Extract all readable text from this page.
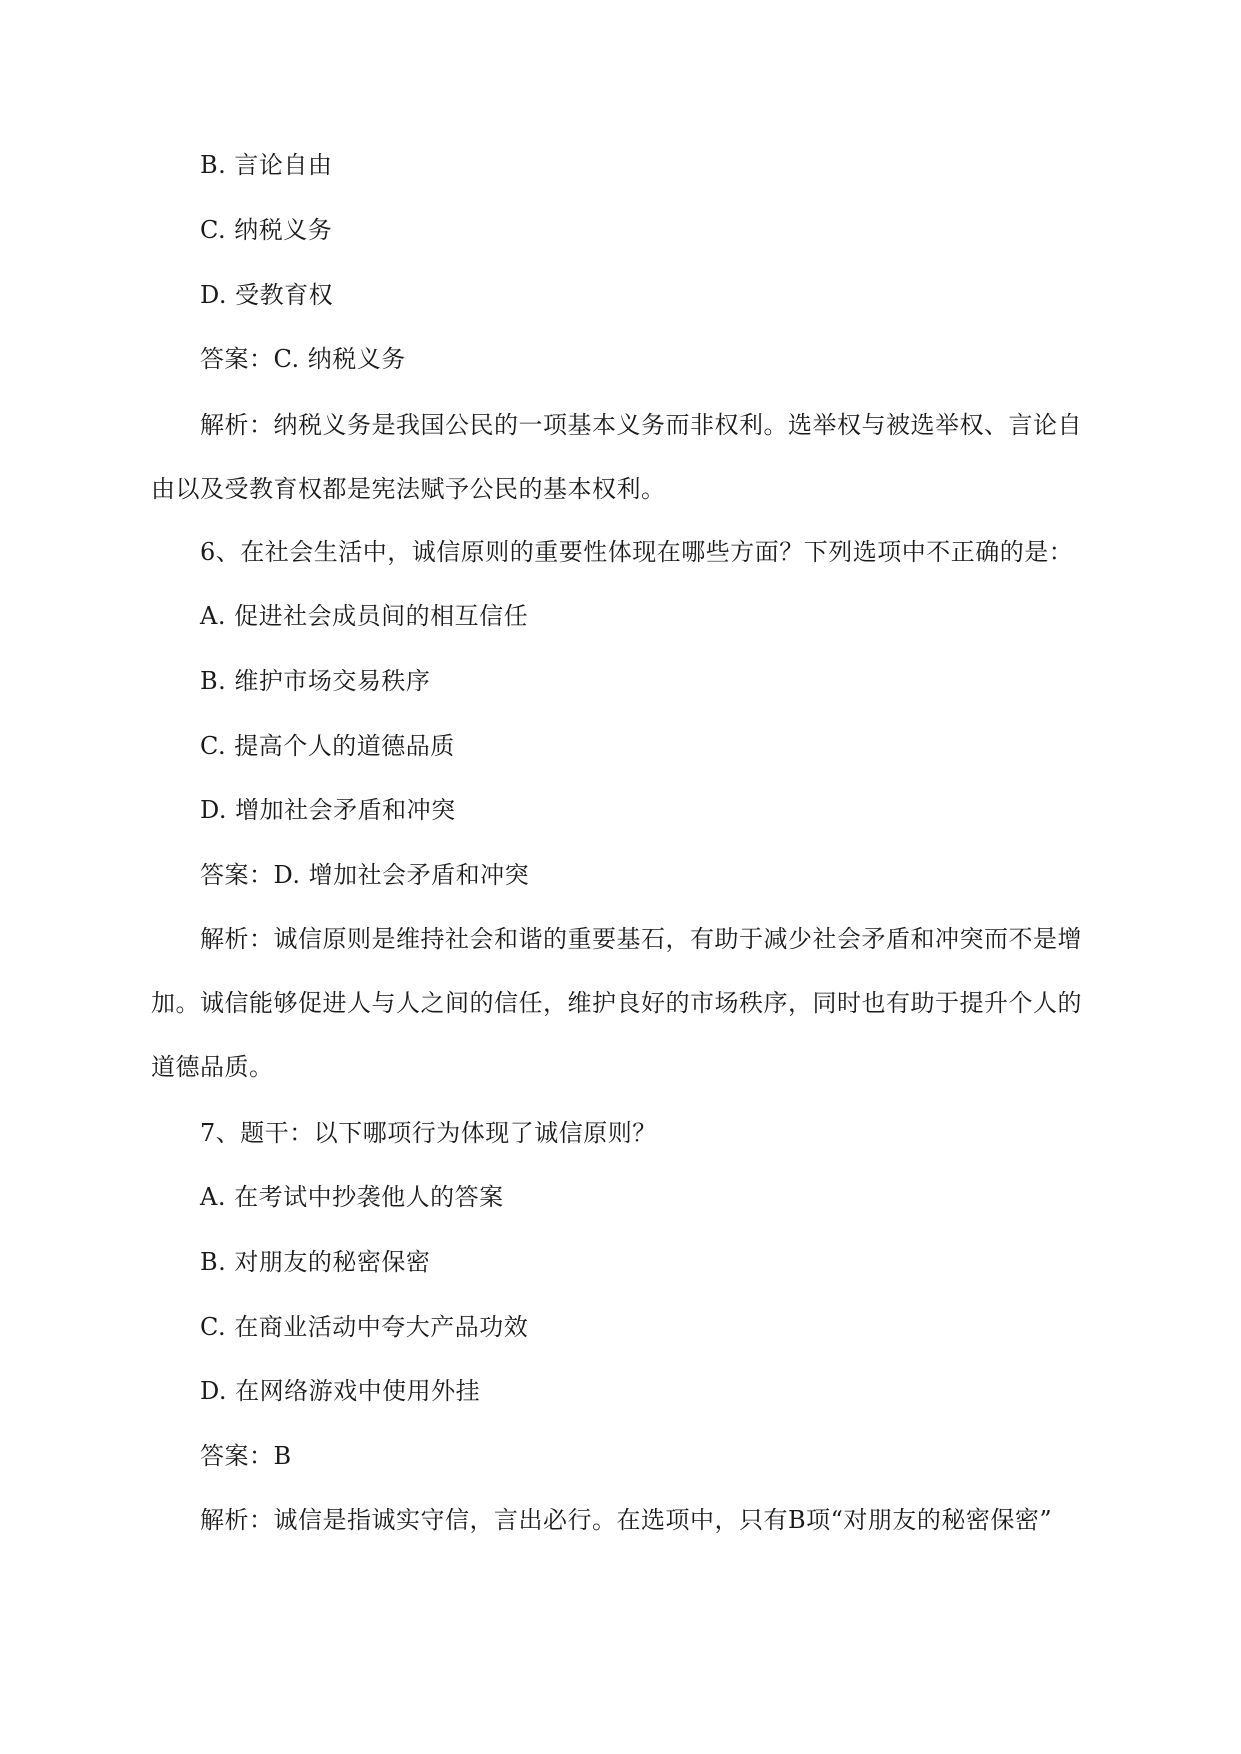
B. 言论自由

C. 纳税义务

D. 受教育权

答案：C. 纳税义务

解析：纳税义务是我国公民的一项基本义务而非权利。选举权与被选举权、言论自

由以及受教育权都是宪法赋予公民的基本权利。

6、在社会生活中，诚信原则的重要性体现在哪些方面？下列选项中不正确的是：

A. 促进社会成员间的相互信任

B. 维护市场交易秩序

C. 提高个人的道德品质

D. 增加社会矛盾和冲突

答案：D. 增加社会矛盾和冲突

解析：诚信原则是维持社会和谐的重要基石，有助于减少社会矛盾和冲突而不是增

加。诚信能够促进人与人之间的信任，维护良好的市场秩序，同时也有助于提升个人的

道德品质。

7、题干：以下哪项行为体现了诚信原则？

A. 在考试中抄袭他人的答案

B. 对朋友的秘密保密

C. 在商业活动中夸大产品功效

D. 在网络游戏中使用外挂

答案：B

解析：诚信是指诚实守信，言出必行。在选项中，只有B项“对朋友的秘密保密”
